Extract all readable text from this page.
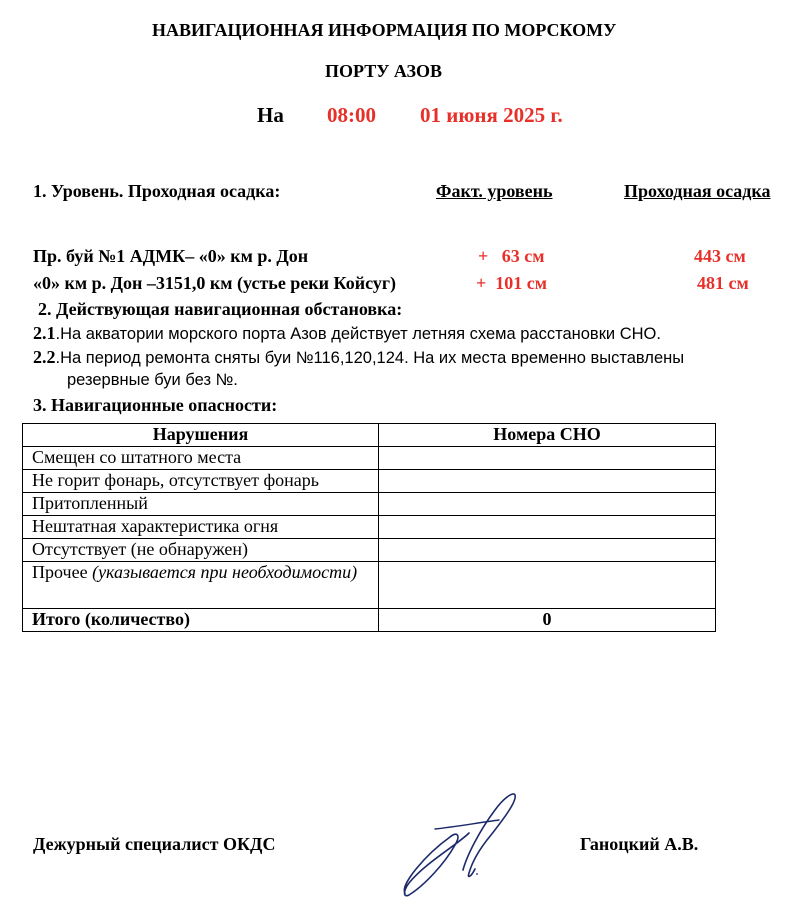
НАВИГАЦИОННАЯ ИНФОРМАЦИЯ ПО МОРСКОМУ
ПОРТУ АЗОВ
На 08:00 01 июня 2025 г.
1. Уровень. Проходная осадка:	Факт. уровень	Проходная осадка
Пр. буй №1 АДМК– «0» км р. Дон	+   63 см	443 см
«0» км р. Дон –3151,0 км (устье реки Койсуг)	+  101 см	481 см
2. Действующая навигационная обстановка:
2.1.На акватории морского порта Азов действует летняя схема расстановки СНО.
2.2.На период ремонта сняты буи №116,120,124. На их места временно выставлены
резервные буи без №.
3. Навигационные опасности:
Нарушения	Номера СНО
Смещен со штатного места	
Не горит фонарь, отсутствует фонарь	
Притопленный	
Нештатная характеристика огня	
Отсутствует (не обнаружен)	
Прочее (указывается при необходимости)	
Итого (количество)	0
Дежурный специалист ОКДС	Ганоцкий А.В.
